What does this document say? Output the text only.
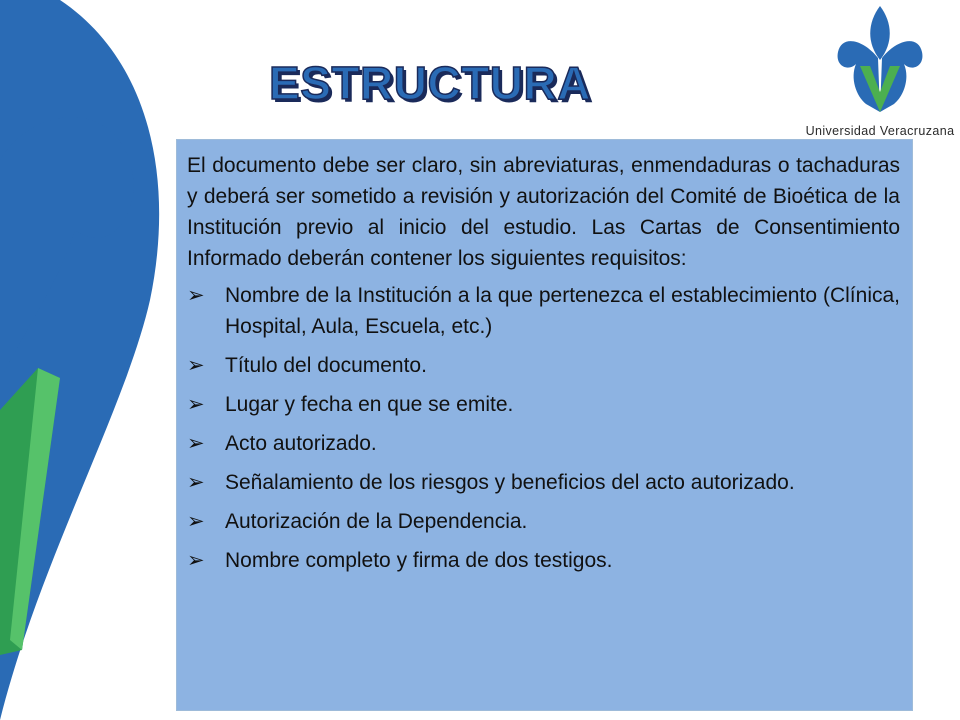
ESTRUCTURA
Universidad Veracruzana

El documento debe ser claro, sin abreviaturas, enmendaduras o tachaduras y deberá ser sometido a revisión y autorización del Comité de Bioética de la Institución previo al inicio del estudio. Las Cartas de Consentimiento Informado deberán contener los siguientes requisitos:

➢ Nombre de la Institución a la que pertenezca el establecimiento (Clínica, Hospital, Aula, Escuela, etc.)
➢ Título del documento.
➢ Lugar y fecha en que se emite.
➢ Acto autorizado.
➢ Señalamiento de los riesgos y beneficios del acto autorizado.
➢ Autorización de la Dependencia.
➢ Nombre completo y firma de dos testigos.
